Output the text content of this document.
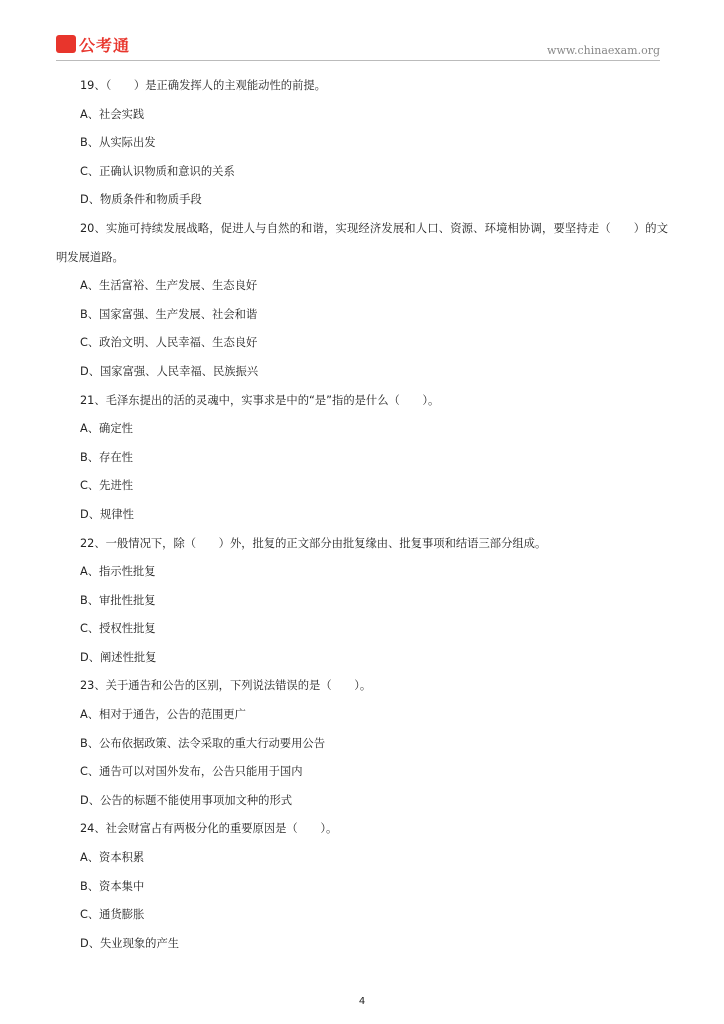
公考通	www.chinaexam.org
19、（　　）是正确发挥人的主观能动性的前提。
A、社会实践
B、从实际出发
C、正确认识物质和意识的关系
D、物质条件和物质手段
20、实施可持续发展战略，促进人与自然的和谐，实现经济发展和人口、资源、环境相协调，要坚持走（　　）的文明发展道路。
A、生活富裕、生产发展、生态良好
B、国家富强、生产发展、社会和谐
C、政治文明、人民幸福、生态良好
D、国家富强、人民幸福、民族振兴
21、毛泽东提出的活的灵魂中，实事求是中的“是”指的是什么（　　）。
A、确定性
B、存在性
C、先进性
D、规律性
22、一般情况下，除（　　）外，批复的正文部分由批复缘由、批复事项和结语三部分组成。
A、指示性批复
B、审批性批复
C、授权性批复
D、阐述性批复
23、关于通告和公告的区别，下列说法错误的是（　　）。
A、相对于通告，公告的范围更广
B、公布依据政策、法令采取的重大行动要用公告
C、通告可以对国外发布，公告只能用于国内
D、公告的标题不能使用事项加文种的形式
24、社会财富占有两极分化的重要原因是（　　）。
A、资本积累
B、资本集中
C、通货膨胀
D、失业现象的产生
4
